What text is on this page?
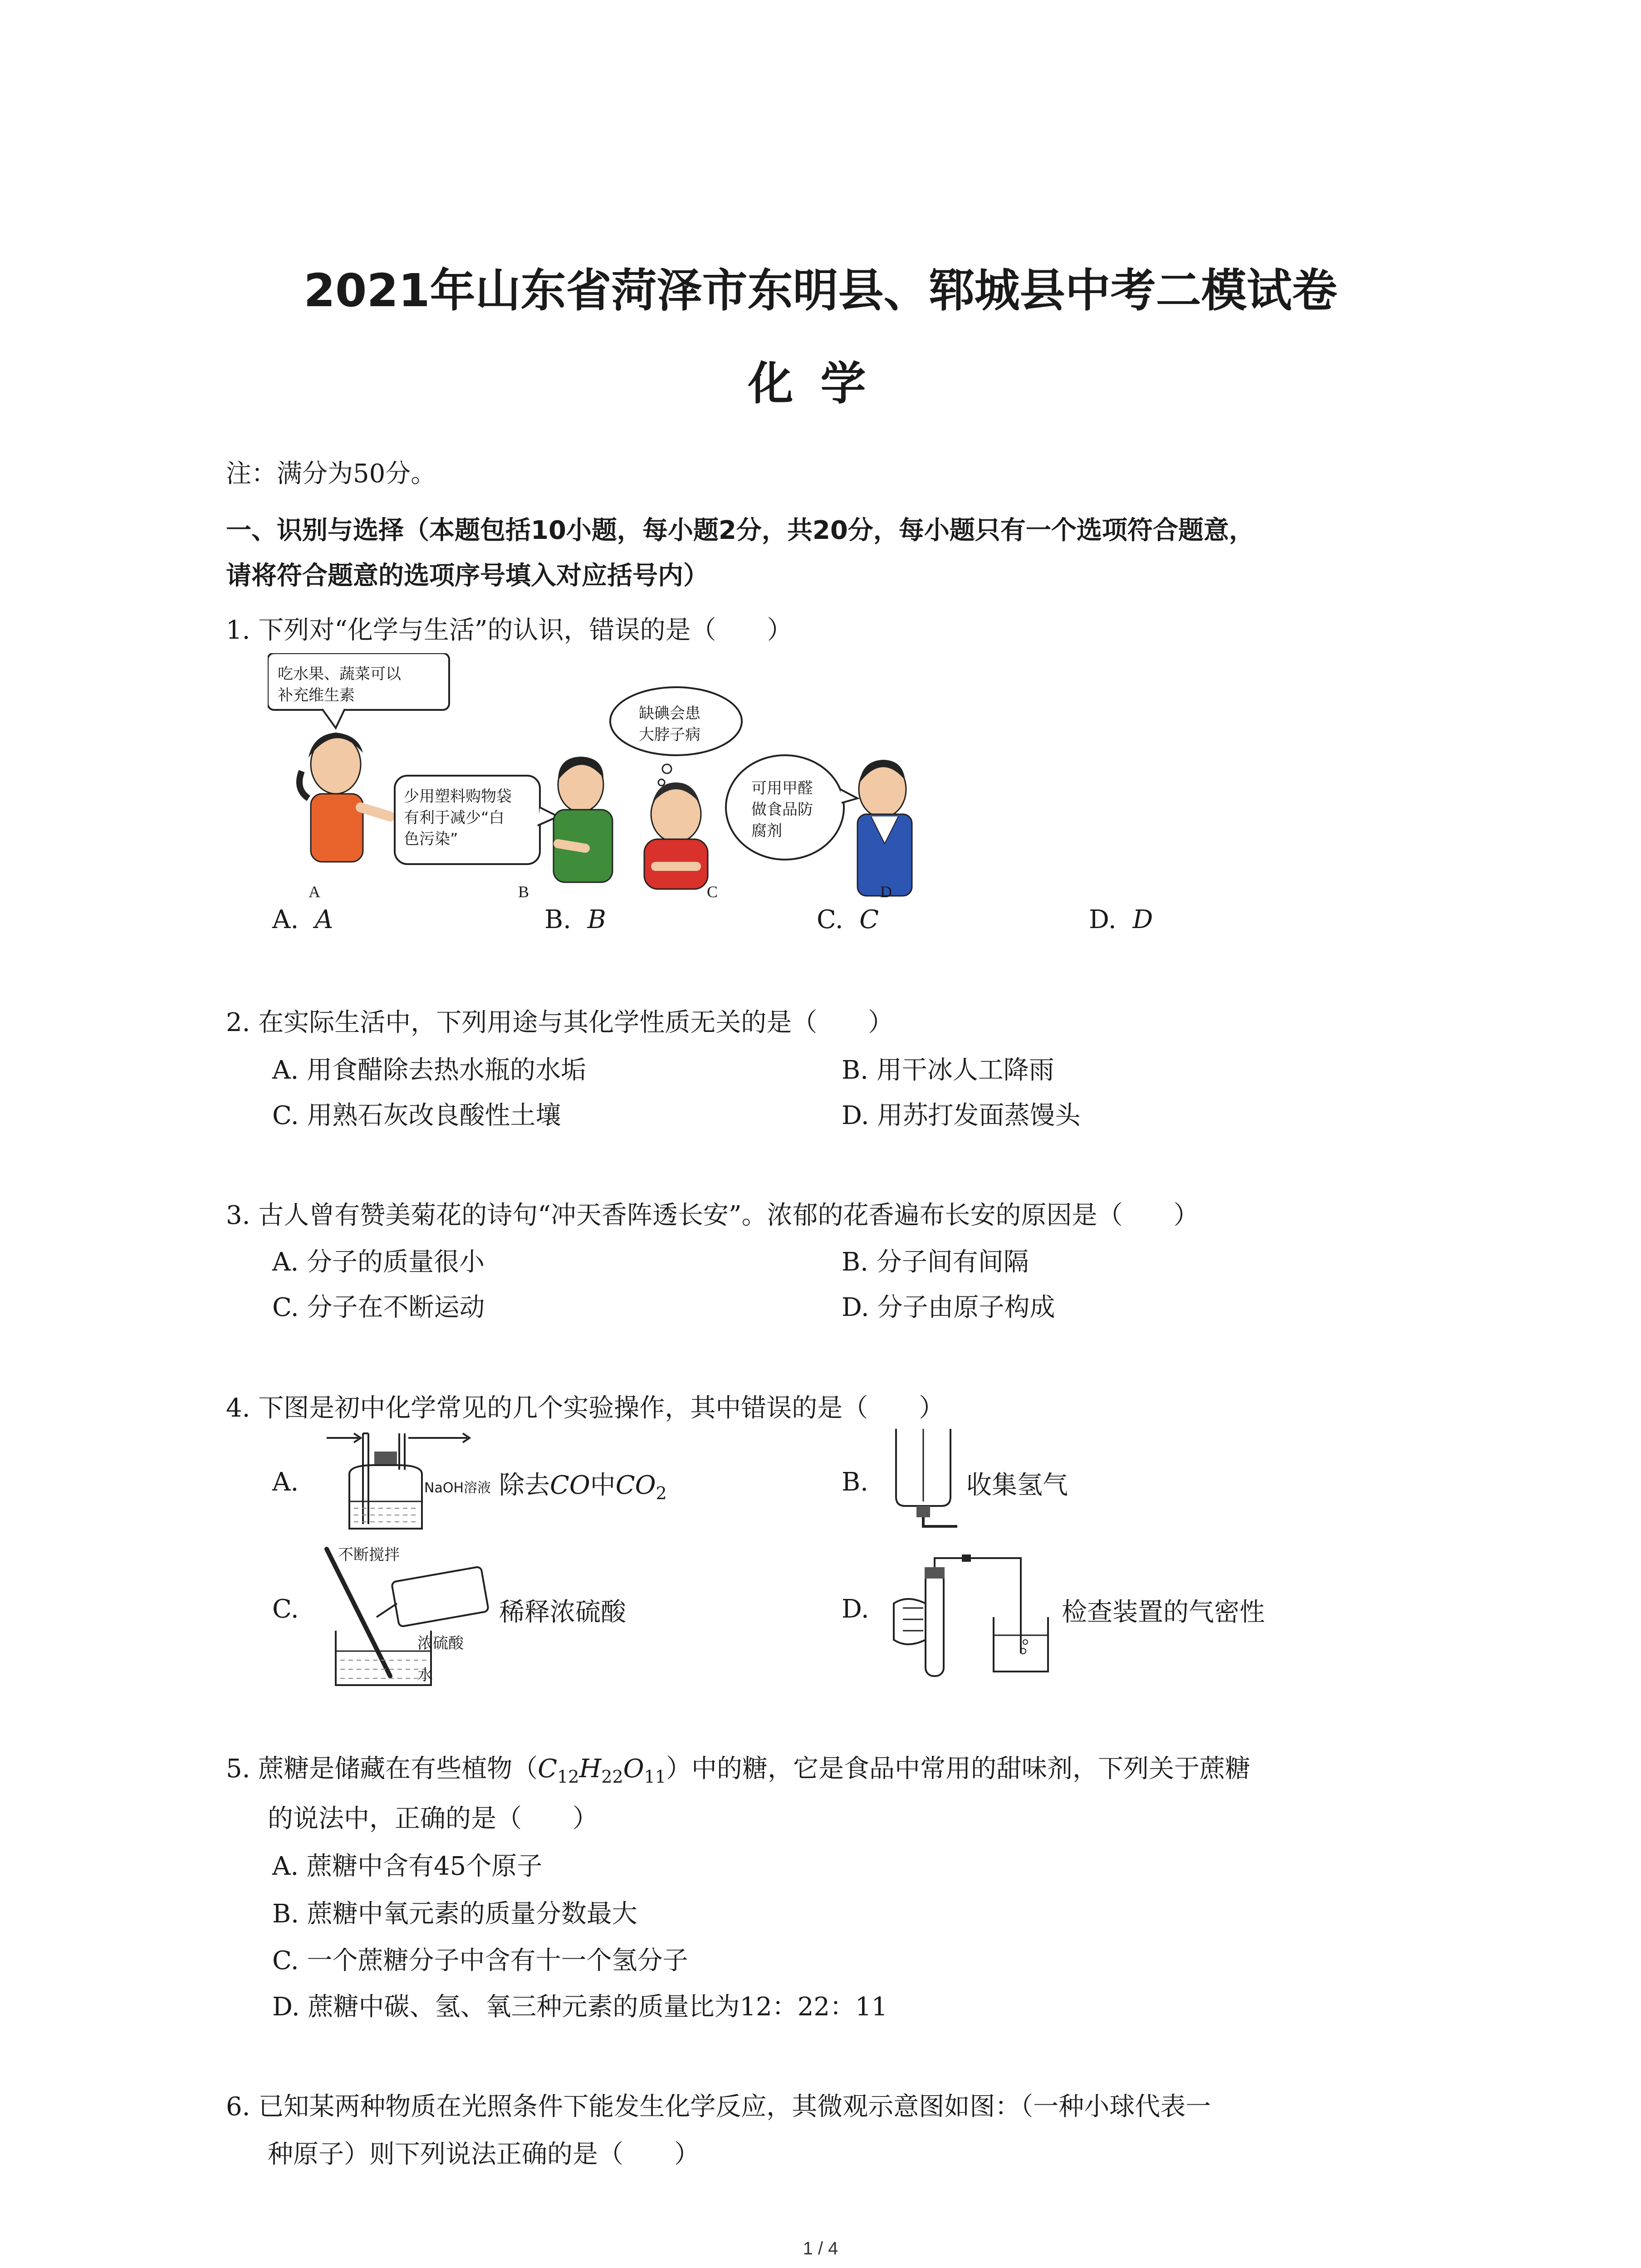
2021年山东省菏泽市东明县、郓城县中考二模试卷
化学
注：满分为50分。
一、识别与选择（本题包括10小题，每小题2分，共20分，每小题只有一个选项符合题意，
请将符合题意的选项序号填入对应括号内）
1. 下列对“化学与生活”的认识，错误的是（　　）
吃水果、蔬菜可以
补充维生素
少用塑料购物袋
有利于减少“白
色污染”
缺碘会患
大脖子病
可用甲醛
做食品防
腐剂
A	B	C	D
A. A	B. B	C. C	D. D
2. 在实际生活中，下列用途与其化学性质无关的是（　　）
A. 用食醋除去热水瓶的水垢	B. 用干冰人工降雨
C. 用熟石灰改良酸性土壤	D. 用苏打发面蒸馒头
3. 古人曾有赞美菊花的诗句“冲天香阵透长安”。浓郁的花香遍布长安的原因是（　　）
A. 分子的质量很小	B. 分子间有间隔
C. 分子在不断运动	D. 分子由原子构成
4. 下图是初中化学常见的几个实验操作，其中错误的是（　　）
A.	NaOH溶液 除去CO中$CO_2$	B.	收集氢气
C.
不断搅拌
浓硫酸
水
稀释浓硫酸	D.	检查装置的气密性
5. 蔗糖是储藏在有些植物$(C_{12}H_{22}O_{11})$中的糖，它是食品中常用的甜味剂，下列关于蔗糖
的说法中，正确的是（　　）
A. 蔗糖中含有45个原子
B. 蔗糖中氧元素的质量分数最大
C. 一个蔗糖分子中含有十一个氢分子
D. 蔗糖中碳、氢、氧三种元素的质量比为12：22：11
6. 已知某两种物质在光照条件下能发生化学反应，其微观示意图如图：（一种小球代表一
种原子）则下列说法正确的是（　　）
1 / 4
